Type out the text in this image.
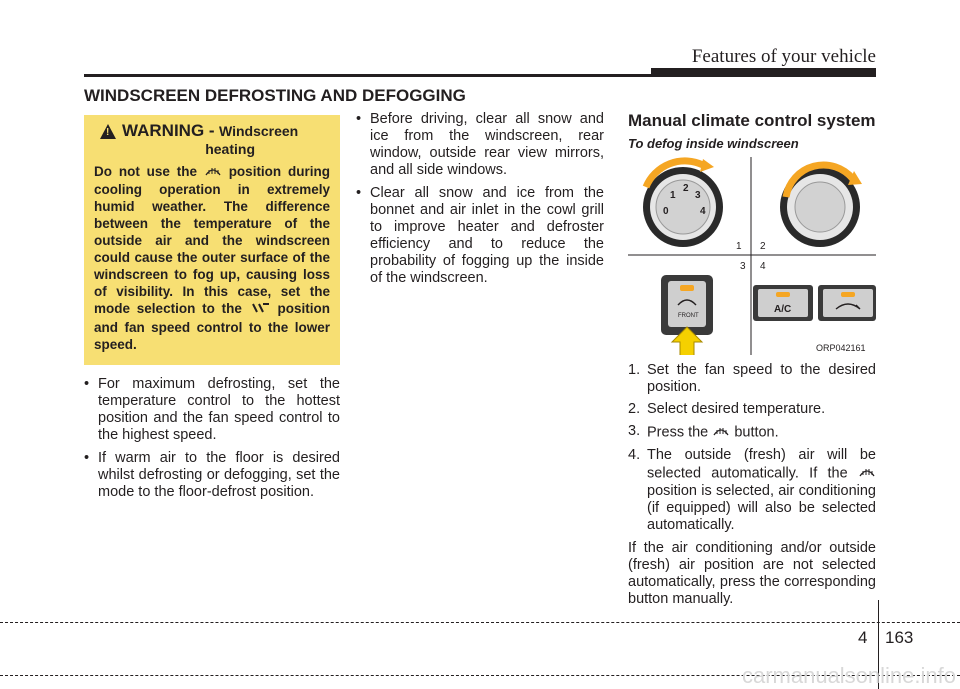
Features of your vehicle
WINDSCREEN DEFROSTING AND DEFOGGING
!
WARNING - Windscreen
heating
Do not use the position during cooling operation in extremely humid weather. The difference between the temperature of the outside air and the windscreen could cause the outer surface of the windscreen to fog up, causing loss of visibility. In this case, set the mode selection to the	position and fan speed control to the lower speed.
• For maximum defrosting, set the temperature control to the hottest position and the fan speed control to the highest speed.
• If warm air to the floor is desired whilst defrosting or defogging, set the mode to the floor-defrost position.
• Before driving, clear all snow and ice from the windscreen, rear window, outside rear view mirrors, and all side windows.
• Clear all snow and ice from the bonnet and air inlet in the cowl grill to improve heater and defroster efficiency and to reduce the probability of fogging up the inside of the windscreen.
Manual climate control system
To defog inside windscreen
0
1
2
3
4
1 2
3 4
FRONT
A/C
ORP042161
1. Set the fan speed to the desired position.
2. Select desired temperature.
3. Press the button.
4. The outside (fresh) air will be selected automatically. If the  position is selected, air conditioning (if equipped) will also be selected automatically.

If the air conditioning and/or outside (fresh) air position are not selected automatically, press the corresponding button manually.

4 163
carmanualsonline.info
